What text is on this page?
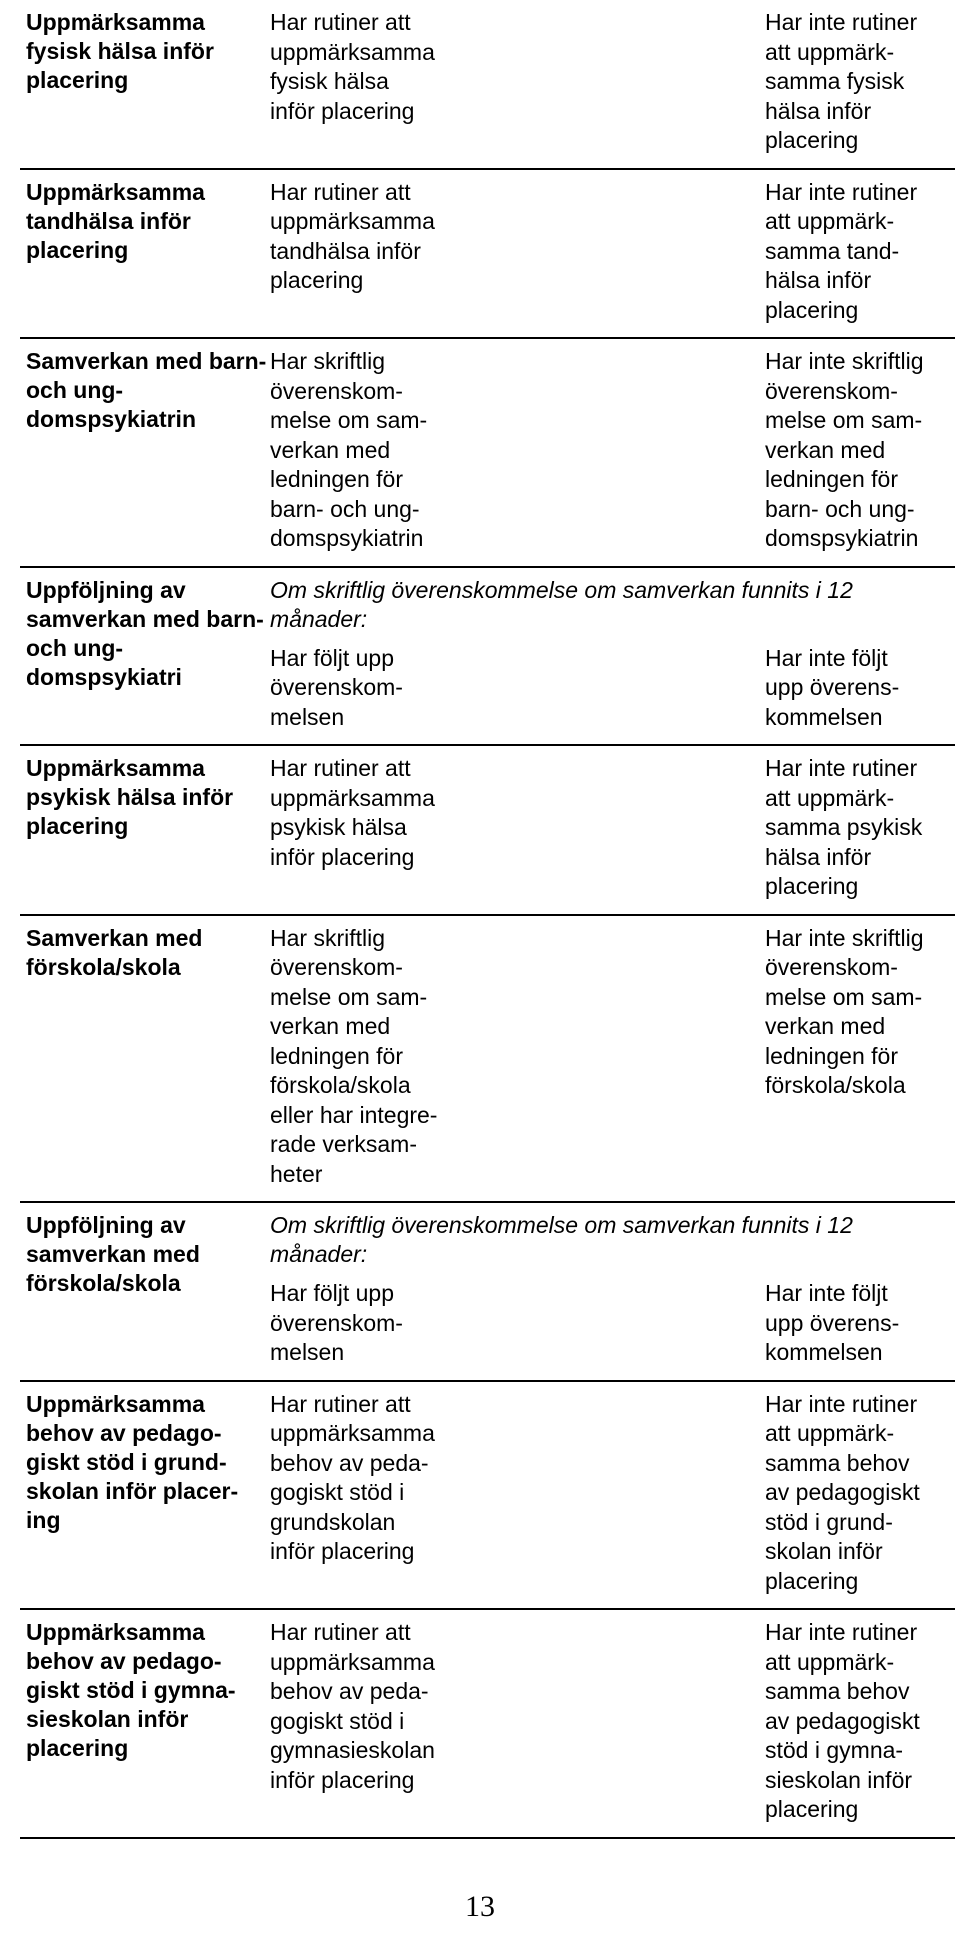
Uppmärksamma fysisk hälsa inför placering
Har rutiner att
uppmärksamma
fysisk hälsa
inför placering
Har inte rutiner
att uppmärk-
samma fysisk
hälsa inför
placering
Uppmärksamma tandhälsa inför placering
Har rutiner att
uppmärksamma
tandhälsa inför
placering
Har inte rutiner
att uppmärk-
samma tand-
hälsa inför
placering
Samverkan med barn- och ung-domspsykiatrin
Har skriftlig
överenskom-
melse om sam-
verkan med
ledningen för
barn- och ung-
domspsykiatrin
Har inte skriftlig
överenskom-
melse om sam-
verkan med
ledningen för
barn- och ung-
domspsykiatrin
Uppföljning av samverkan med barn- och ung-domspsykiatri
Om skriftlig överenskommelse om samverkan funnits i 12 månader:
Har följt upp
överenskom-
melsen
Har inte följt
upp överens-
kommelsen
Uppmärksamma psykisk hälsa inför placering
Har rutiner att
uppmärksamma
psykisk hälsa
inför placering
Har inte rutiner
att uppmärk-
samma psykisk
hälsa inför
placering
Samverkan med förskola/skola
Har skriftlig
överenskom-
melse om sam-
verkan med
ledningen för
förskola/skola
eller har integre-
rade verksam-
heter
Har inte skriftlig
överenskom-
melse om sam-
verkan med
ledningen för
förskola/skola
Uppföljning av samverkan med förskola/skola
Om skriftlig överenskommelse om samverkan funnits i 12 månader:
Har följt upp
överenskom-
melsen
Har inte följt
upp överens-
kommelsen
Uppmärksamma behov av pedago-giskt stöd i grund-skolan inför placer-ing
Har rutiner att
uppmärksamma
behov av peda-
gogiskt stöd i
grundskolan
inför placering
Har inte rutiner
att uppmärk-
samma behov
av pedagogiskt
stöd i grund-
skolan inför
placering
Uppmärksamma behov av pedago-giskt stöd i gymna-sieskolan inför placering
Har rutiner att
uppmärksamma
behov av peda-
gogiskt stöd i
gymnasieskolan
inför placering
Har inte rutiner
att uppmärk-
samma behov
av pedagogiskt
stöd i gymna-
sieskolan inför
placering
13
